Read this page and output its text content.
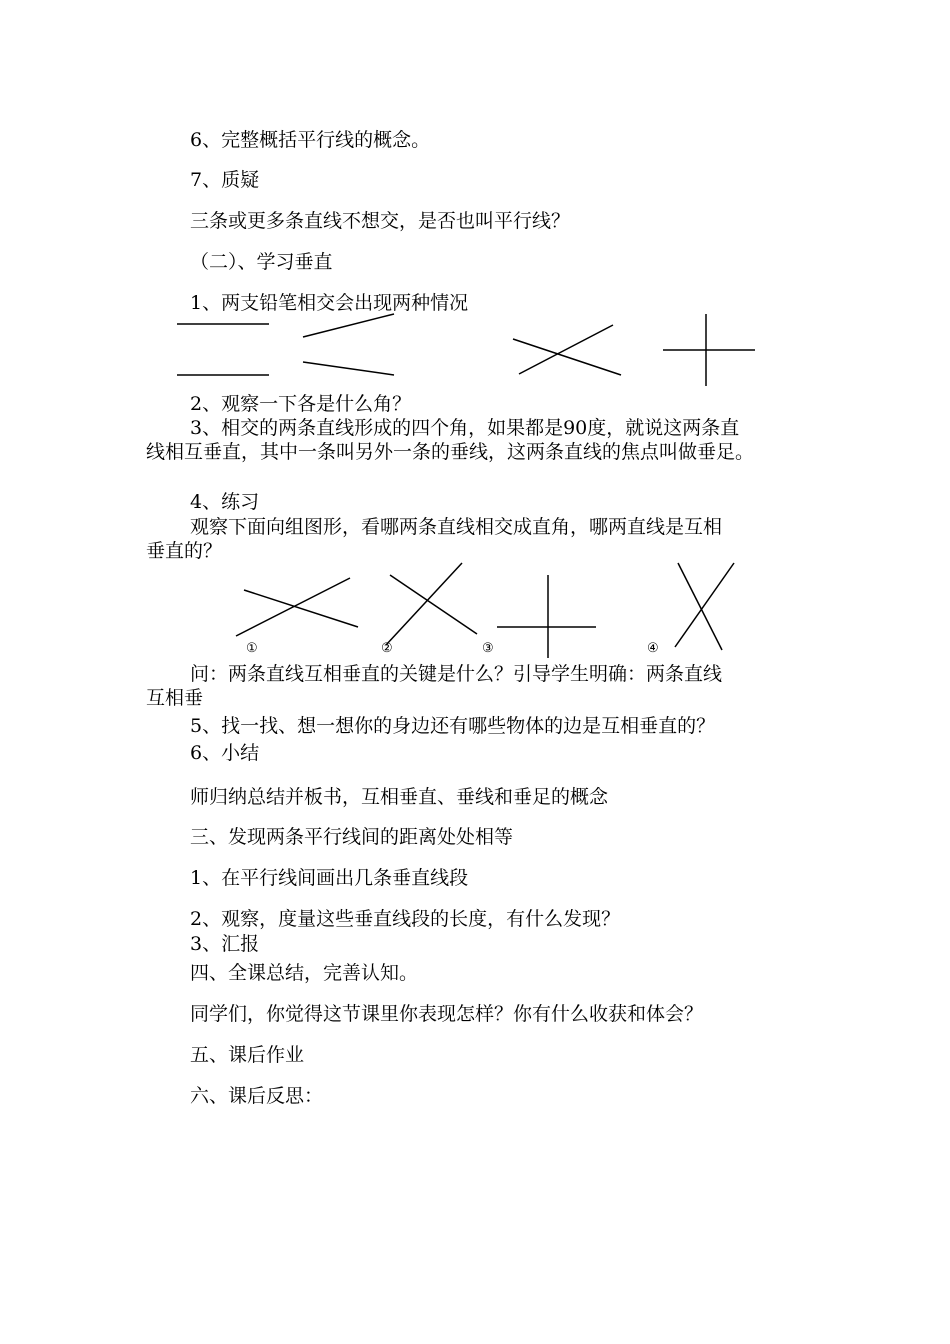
6、完整概括平行线的概念。
7、质疑
三条或更多条直线不想交，是否也叫平行线？
（二）、学习垂直
1、两支铅笔相交会出现两种情况
2、观察一下各是什么角？
3、相交的两条直线形成的四个角，如果都是90度，就说这两条直
线相互垂直，其中一条叫另外一条的垂线，这两条直线的焦点叫做垂足。
4、练习
观察下面向组图形，看哪两条直线相交成直角，哪两直线是互相
垂直的？
①	②	③	④
问：两条直线互相垂直的关键是什么？引导学生明确：两条直线
互相垂
5、找一找、想一想你的身边还有哪些物体的边是互相垂直的？
6、小结
师归纳总结并板书，互相垂直、垂线和垂足的概念
三、发现两条平行线间的距离处处相等
1、在平行线间画出几条垂直线段
2、观察，度量这些垂直线段的长度，有什么发现？
3、汇报
四、全课总结，完善认知。
同学们，你觉得这节课里你表现怎样？你有什么收获和体会？
五、课后作业
六、课后反思：
